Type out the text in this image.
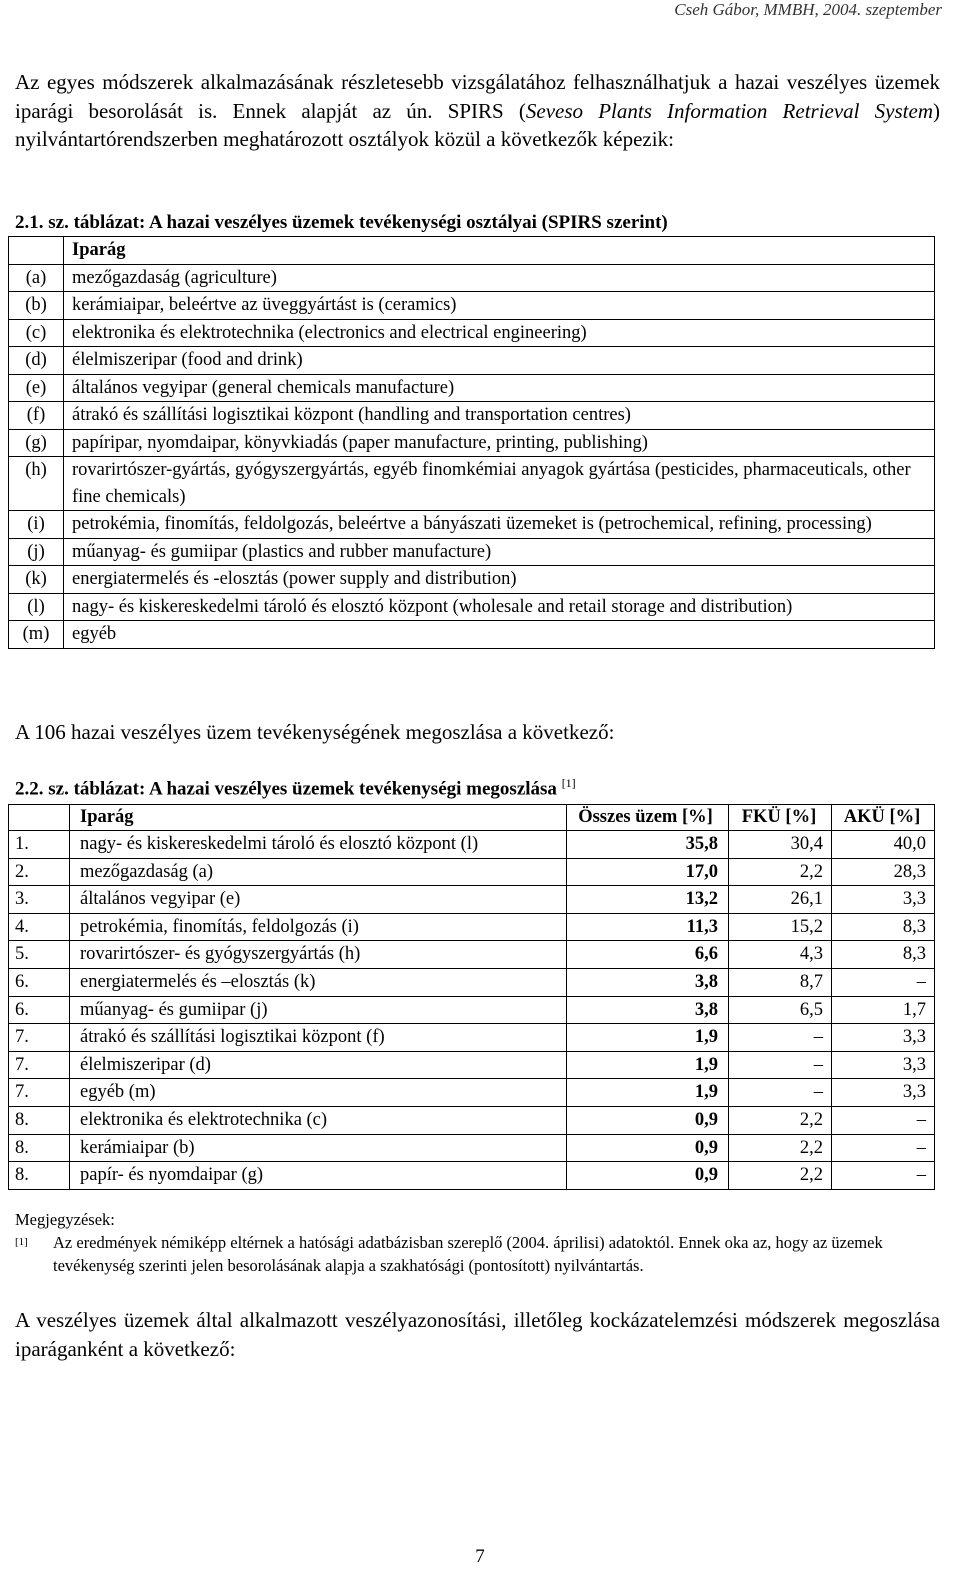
Cseh Gábor, MMBH, 2004. szeptember
Az egyes módszerek alkalmazásának részletesebb vizsgálatához felhasználhatjuk a hazai veszélyes üzemek iparági besorolását is. Ennek alapját az ún. SPIRS (Seveso Plants Information Retrieval System) nyilvántartórendszerben meghatározott osztályok közül a következők képezik:
2.1. sz. táblázat: A hazai veszélyes üzemek tevékenységi osztályai (SPIRS szerint)
	Iparág
(a)	mezőgazdaság (agriculture)
(b)	kerámiaipar, beleértve az üveggyártást is (ceramics)
(c)	elektronika és elektrotechnika (electronics and electrical engineering)
(d)	élelmiszeripar (food and drink)
(e)	általános vegyipar (general chemicals manufacture)
(f)	átrakó és szállítási logisztikai központ (handling and transportation centres)
(g)	papíripar, nyomdaipar, könyvkiadás (paper manufacture, printing, publishing)
(h)	rovarirtószer-gyártás, gyógyszergyártás, egyéb finomkémiai anyagok gyártása (pesticides, pharmaceuticals, other fine chemicals)
(i)	petrokémia, finomítás, feldolgozás, beleértve a bányászati üzemeket is (petrochemical, refining, processing)
(j)	műanyag- és gumiipar (plastics and rubber manufacture)
(k)	energiatermelés és -elosztás (power supply and distribution)
(l)	nagy- és kiskereskedelmi tároló és elosztó központ (wholesale and retail storage and distribution)
(m)	egyéb
A 106 hazai veszélyes üzem tevékenységének megoszlása a következő:
2.2. sz. táblázat: A hazai veszélyes üzemek tevékenységi megoszlása [1]
	Iparág	Összes üzem [%]	FKÜ [%]	AKÜ [%]
1.	nagy- és kiskereskedelmi tároló és elosztó központ (l)	35,8	30,4	40,0
2.	mezőgazdaság (a)	17,0	2,2	28,3
3.	általános vegyipar (e)	13,2	26,1	3,3
4.	petrokémia, finomítás, feldolgozás (i)	11,3	15,2	8,3
5.	rovarirtószer- és gyógyszergyártás (h)	6,6	4,3	8,3
6.	energiatermelés és –elosztás (k)	3,8	8,7	–
6.	műanyag- és gumiipar (j)	3,8	6,5	1,7
7.	átrakó és szállítási logisztikai központ (f)	1,9	–	3,3
7.	élelmiszeripar (d)	1,9	–	3,3
7.	egyéb (m)	1,9	–	3,3
8.	elektronika és elektrotechnika (c)	0,9	2,2	–
8.	kerámiaipar (b)	0,9	2,2	–
8.	papír- és nyomdaipar (g)	0,9	2,2	–
Megjegyzések:
[1]	Az eredmények némiképp eltérnek a hatósági adatbázisban szereplő (2004. áprilisi) adatoktól. Ennek oka az, hogy az üzemek tevékenység szerinti jelen besorolásának alapja a szakhatósági (pontosított) nyilvántartás.
A veszélyes üzemek által alkalmazott veszélyazonosítási, illetőleg kockázatelemzési módszerek megoszlása iparáganként a következő:
7
